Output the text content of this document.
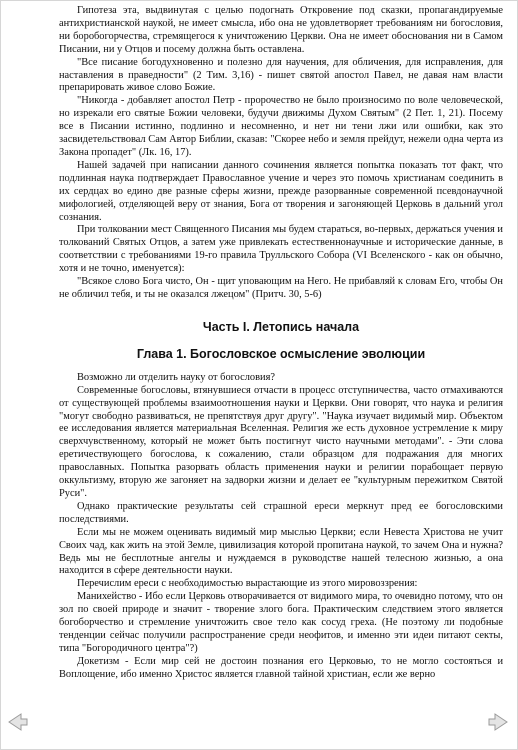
Гипотеза эта, выдвинутая с целью подогнать Откровение под сказки, пропагандируемые антихристианской наукой, не имеет смысла, ибо она не удовлетворяет требованиям ни богословия, ни боробогорчества, стремящегося к уничтожению Церкви. Она не имеет обоснования ни в Самом Писании, ни у Отцов и посему должна быть оставлена.

"Все писание богодухновенно и полезно для научения, для обличения, для исправления, для наставления в праведности" (2 Тим. 3,16) - пишет святой апостол Павел, не давая нам власти препарировать живое слово Божие.

"Никогда - добавляет апостол Петр - пророчество не было произносимо по воле человеческой, но изрекали его святые Божии человеки, будучи движимы Духом Святым" (2 Пет. 1, 21). Посему все в Писании истинно, подлинно и несомненно, и нет ни тени лжи или ошибки, как это засвидетельствовал Сам Автор Библии, сказав: "Скорее небо и земля прейдут, нежели одна черта из Закона пропадет" (Лк. 16, 17).

Нашей задачей при написании данного сочинения является попытка показать тот факт, что подлинная наука подтверждает Православное учение и через это помочь христианам соединить в их сердцах во едино две разные сферы жизни, прежде разорванные современной псевдонаучной мифологией, отделяющей веру от знания, Бога от творения и загоняющей Церковь в дальний угол сознания.

При толковании мест Священного Писания мы будем стараться, во-первых, держаться учения и толкований Святых Отцов, а затем уже привлекать естественнонаучные и исторические данные, в соответствии с требованиями 19-го правила Трулльского Собора (VI Вселенского - как он обычно, хотя и не точно, именуется):

"Всякое слово Бога чисто, Он - щит уповающим на Него. Не прибавляй к словам Его, чтобы Он не обличил тебя, и ты не оказался лжецом" (Притч. 30, 5-6)

Часть I. Летопись начала
Глава 1. Богословское осмысление эволюции

Возможно ли отделить науку от богословия?

Современные богословы, втянувшиеся отчасти в процесс отступничества, часто отмахиваются от существующей проблемы взаимоотношения науки и Церкви. Они говорят, что наука и религия "могут свободно развиваться, не препятствуя друг другу". "Наука изучает видимый мир. Объектом ее исследования является материальная Вселенная. Религия же есть духовное устремление к миру сверхчувственному, который не может быть постигнут чисто научными методами". - Эти слова еретичествующего богослова, к сожалению, стали образцом для подражания для многих православных. Попытка разорвать область применения науки и религии порабощает первую оккультизму, вторую же загоняет на задворки жизни и делает ее "культурным пережитком Святой Руси".

Однако практические результаты сей страшной ереси меркнут пред ее богословскими последствиями.

Если мы не можем оценивать видимый мир мыслью Церкви; если Невеста Христова не учит Своих чад, как жить на этой Земле, цивилизация которой пропитана наукой, то зачем Она и нужна? Ведь мы не бесплотные ангелы и нуждаемся в руководстве нашей телесною жизнью, а она находится в сфере деятельности науки.

Перечислим ереси с необходимостью вырастающие из этого мировоззрения:

Манихейство - Ибо если Церковь отворачивается от видимого мира, то очевидно потому, что он зол по своей природе и значит - творение злого бога. Практическим следствием этого является богоборчество и стремление уничтожить свое тело как сосуд греха. (Не поэтому ли подобные тенденции сейчас получили распространение среди неофитов, и именно эти идеи питают секты, типа "Богородичного центра"?)

Докетизм - Если мир сей не достоин познания его Церковью, то не могло состояться и Воплощение, ибо именно Христос является главной тайной христиан, если же верно
